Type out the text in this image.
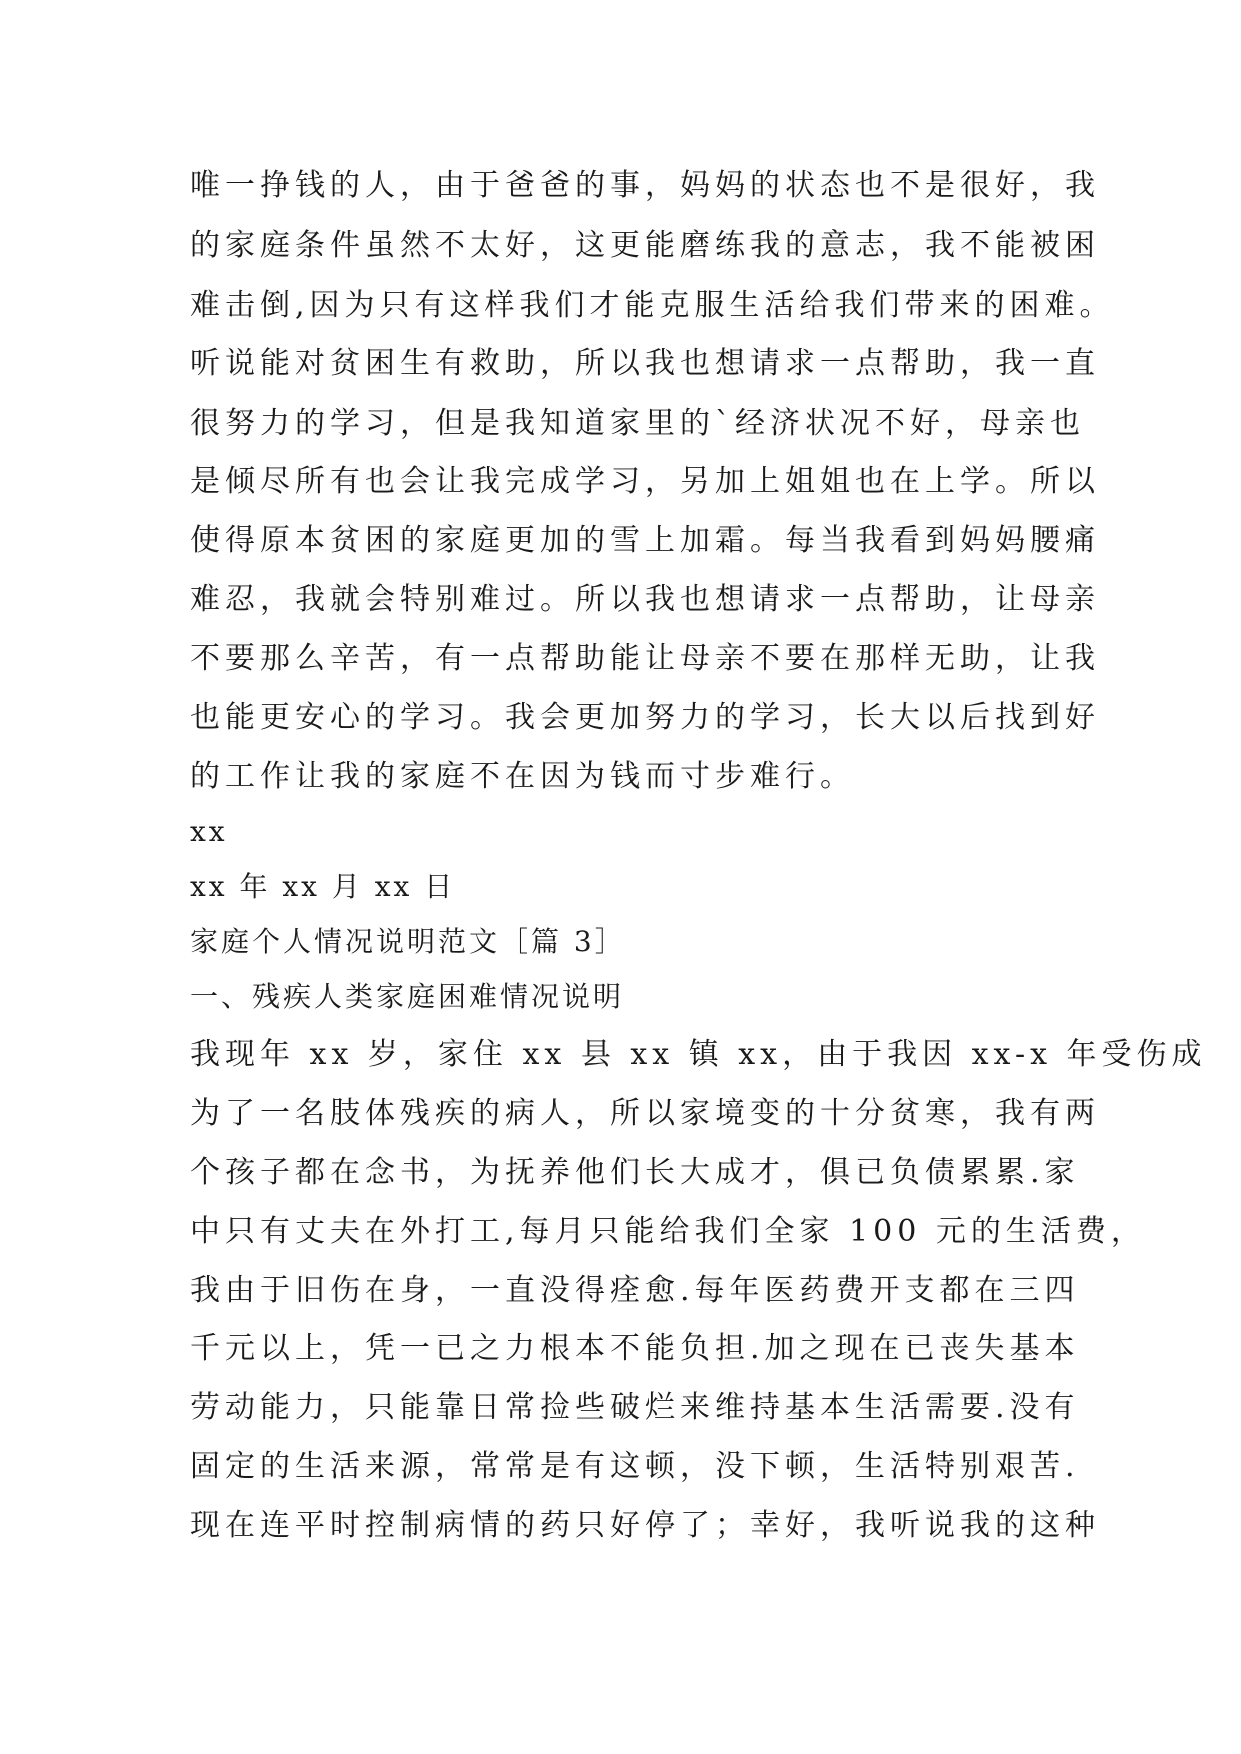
唯一挣钱的人，由于爸爸的事，妈妈的状态也不是很好，我
的家庭条件虽然不太好，这更能磨练我的意志，我不能被困
难击倒,因为只有这样我们才能克服生活给我们带来的困难。
听说能对贫困生有救助，所以我也想请求一点帮助，我一直
很努力的学习，但是我知道家里的`经济状况不好，母亲也
是倾尽所有也会让我完成学习，另加上姐姐也在上学。所以
使得原本贫困的家庭更加的雪上加霜。每当我看到妈妈腰痛
难忍，我就会特别难过。所以我也想请求一点帮助，让母亲
不要那么辛苦，有一点帮助能让母亲不要在那样无助，让我
也能更安心的学习。我会更加努力的学习，长大以后找到好
的工作让我的家庭不在因为钱而寸步难行。
xx
xx 年 xx 月 xx 日
家庭个人情况说明范文［篇 3］
一、残疾人类家庭困难情况说明
我现年 xx 岁，家住 xx 县 xx 镇 xx，由于我因 xx-x 年受伤成
为了一名肢体残疾的病人，所以家境变的十分贫寒，我有两
个孩子都在念书，为抚养他们长大成才，俱已负债累累.家
中只有丈夫在外打工,每月只能给我们全家 100 元的生活费，
我由于旧伤在身，一直没得痊愈.每年医药费开支都在三四
千元以上，凭一已之力根本不能负担.加之现在已丧失基本
劳动能力，只能靠日常捡些破烂来维持基本生活需要.没有
固定的生活来源，常常是有这顿，没下顿，生活特别艰苦.
现在连平时控制病情的药只好停了；幸好，我听说我的这种
